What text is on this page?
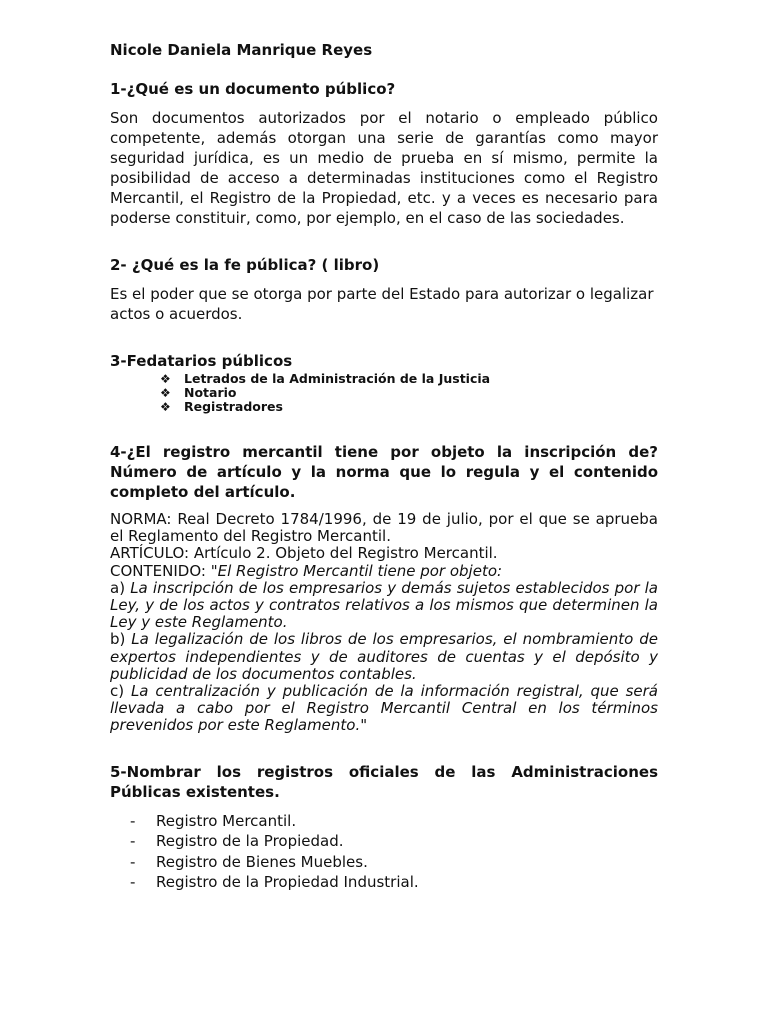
Nicole Daniela Manrique Reyes

1-¿Qué es un documento público?

Son documentos autorizados por el notario o empleado público competente, además otorgan una serie de garantías como mayor seguridad jurídica, es un medio de prueba en sí mismo, permite la posibilidad de acceso a determinadas instituciones como el Registro Mercantil, el Registro de la Propiedad, etc. y a veces es necesario para poderse constituir, como, por ejemplo, en el caso de las sociedades.

2- ¿Qué es la fe pública? ( libro)

Es el poder que se otorga por parte del Estado para autorizar o legalizar actos o acuerdos.

3-Fedatarios públicos

❖ Letrados de la Administración de la Justicia
❖ Notario
❖ Registradores

4-¿El registro mercantil tiene por objeto la inscripción de? Número de artículo y la norma que lo regula y el contenido completo del artículo.

NORMA: Real Decreto 1784/1996, de 19 de julio, por el que se aprueba el Reglamento del Registro Mercantil.

ARTÍCULO: Artículo 2. Objeto del Registro Mercantil.

CONTENIDO: "El Registro Mercantil tiene por objeto:

a) La inscripción de los empresarios y demás sujetos establecidos por la Ley, y de los actos y contratos relativos a los mismos que determinen la Ley y este Reglamento.

b) La legalización de los libros de los empresarios, el nombramiento de expertos independientes y de auditores de cuentas y el depósito y publicidad de los documentos contables.

c) La centralización y publicación de la información registral, que será llevada a cabo por el Registro Mercantil Central en los términos prevenidos por este Reglamento."

5-Nombrar los registros oficiales de las Administraciones Públicas existentes.

- Registro Mercantil.
- Registro de la Propiedad.
- Registro de Bienes Muebles.
- Registro de la Propiedad Industrial.
